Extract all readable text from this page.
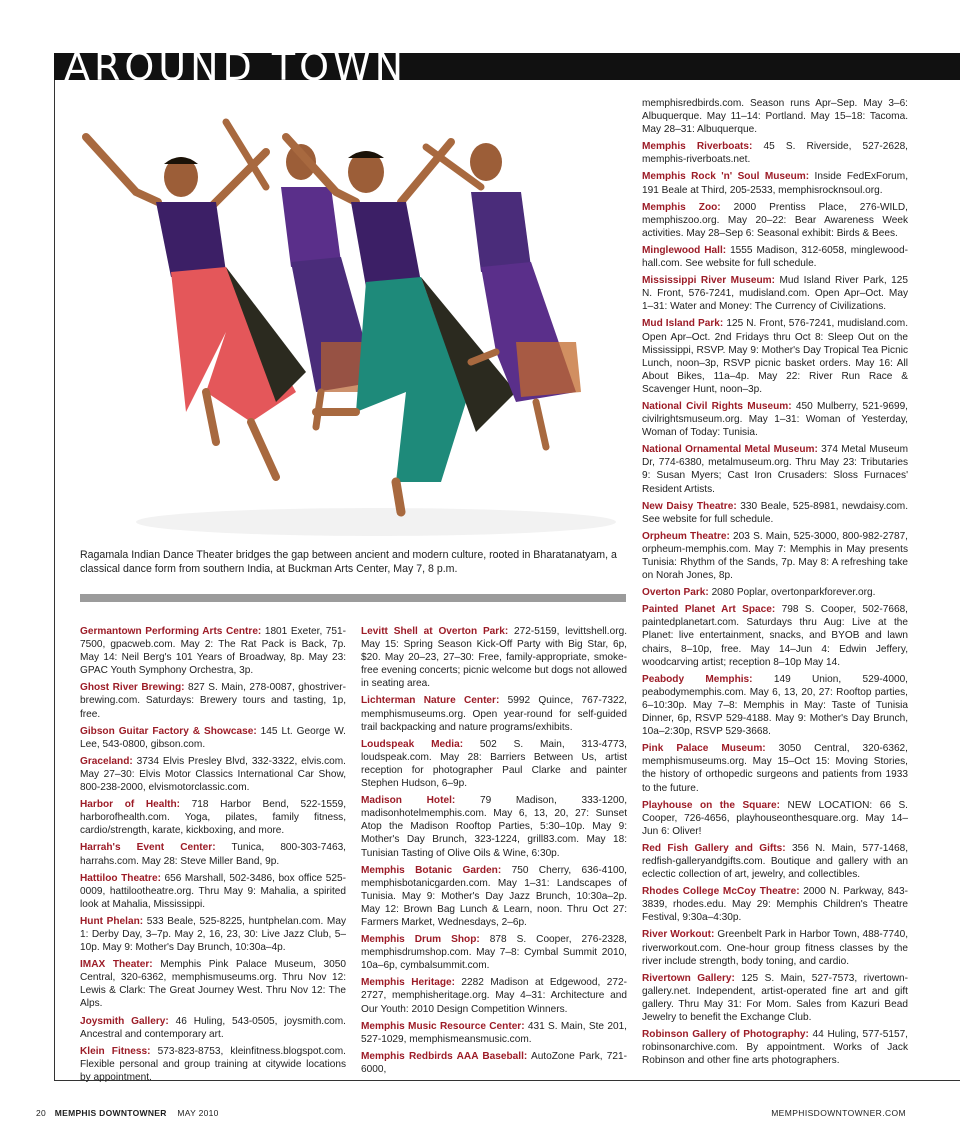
AROUND TOWN
Ragamala Indian Dance Theater bridges the gap between ancient and modern culture, rooted in Bharatanatyam, a classical dance form from southern India, at Buckman Arts Center, May 7, 8 p.m.

Germantown Performing Arts Centre: 1801 Exeter, 751-7500, gpacweb.com. May 2: The Rat Pack is Back, 7p. May 14: Neil Berg's 101 Years of Broadway, 8p. May 23: GPAC Youth Symphony Orchestra, 3p.

Ghost River Brewing: 827 S. Main, 278-0087, ghostriver-brewing.com. Saturdays: Brewery tours and tasting, 1p, free.

Gibson Guitar Factory & Showcase: 145 Lt. George W. Lee, 543-0800, gibson.com.

Graceland: 3734 Elvis Presley Blvd, 332-3322, elvis.com. May 27–30: Elvis Motor Classics International Car Show, 800-238-2000, elvismotorclassic.com.

Harbor of Health: 718 Harbor Bend, 522-1559, harborofhealth.com. Yoga, pilates, family fitness, cardio/strength, karate, kickboxing, and more.

Harrah's Event Center: Tunica, 800-303-7463, harrahs.com. May 28: Steve Miller Band, 9p.

Hattiloo Theatre: 656 Marshall, 502-3486, box office 525-0009, hattilootheatre.org. Thru May 9: Mahalia, a spirited look at Mahalia, Mississippi.

Hunt Phelan: 533 Beale, 525-8225, huntphelan.com. May 1: Derby Day, 3–7p. May 2, 16, 23, 30: Live Jazz Club, 5–10p. May 9: Mother's Day Brunch, 10:30a–4p.

IMAX Theater: Memphis Pink Palace Museum, 3050 Central, 320-6362, memphismuseums.org. Thru Nov 12: Lewis & Clark: The Great Journey West. Thru Nov 12: The Alps.

Joysmith Gallery: 46 Huling, 543-0505, joysmith.com. Ancestral and contemporary art.

Klein Fitness: 573-823-8753, kleinfitness.blogspot.com. Flexible personal and group training at citywide locations by appointment.

Levitt Shell at Overton Park: 272-5159, levittshell.org. May 15: Spring Season Kick-Off Party with Big Star, 6p, $20. May 20–23, 27–30: Free, family-appropriate, smoke-free evening concerts; picnic welcome but dogs not allowed in seating area.

Lichterman Nature Center: 5992 Quince, 767-7322, memphismuseums.org. Open year-round for self-guided trail backpacking and nature programs/exhibits.

Loudspeak Media: 502 S. Main, 313-4773, loudspeak.com. May 28: Barriers Between Us, artist reception for photographer Paul Clarke and painter Stephen Hudson, 6–9p.

Madison Hotel: 79 Madison, 333-1200, madisonhotelmemphis.com. May 6, 13, 20, 27: Sunset Atop the Madison Rooftop Parties, 5:30–10p. May 9: Mother's Day Brunch, 323-1224, grill83.com. May 18: Tunisian Tasting of Olive Oils & Wine, 6:30p.

Memphis Botanic Garden: 750 Cherry, 636-4100, memphisbotanicgarden.com. May 1–31: Landscapes of Tunisia. May 9: Mother's Day Jazz Brunch, 10:30a–2p. May 12: Brown Bag Lunch & Learn, noon. Thru Oct 27: Farmers Market, Wednesdays, 2–6p.

Memphis Drum Shop: 878 S. Cooper, 276-2328, memphisdrumshop.com. May 7–8: Cymbal Summit 2010, 10a–6p, cymbalsummit.com.

Memphis Heritage: 2282 Madison at Edgewood, 272-2727, memphisheritage.org. May 4–31: Architecture and Our Youth: 2010 Design Competition Winners.

Memphis Music Resource Center: 431 S. Main, Ste 201, 527-1029, memphismeansmusic.com.

Memphis Redbirds AAA Baseball: AutoZone Park, 721-6000,

memphisredbirds.com. Season runs Apr–Sep. May 3–6: Albuquerque. May 11–14: Portland. May 15–18: Tacoma. May 28–31: Albuquerque.

Memphis Riverboats: 45 S. Riverside, 527-2628, memphis-riverboats.net.

Memphis Rock 'n' Soul Museum: Inside FedExForum, 191 Beale at Third, 205-2533, memphisrocknsoul.org.

Memphis Zoo: 2000 Prentiss Place, 276-WILD, memphiszoo.org. May 20–22: Bear Awareness Week activities. May 28–Sep 6: Seasonal exhibit: Birds & Bees.

Minglewood Hall: 1555 Madison, 312-6058, minglewood-hall.com. See website for full schedule.

Mississippi River Museum: Mud Island River Park, 125 N. Front, 576-7241, mudisland.com. Open Apr–Oct. May 1–31: Water and Money: The Currency of Civilizations.

Mud Island Park: 125 N. Front, 576-7241, mudisland.com. Open Apr–Oct. 2nd Fridays thru Oct 8: Sleep Out on the Mississippi, RSVP. May 9: Mother's Day Tropical Tea Picnic Lunch, noon–3p, RSVP picnic basket orders. May 16: All About Bikes, 11a–4p. May 22: River Run Race & Scavenger Hunt, noon–3p.

National Civil Rights Museum: 450 Mulberry, 521-9699, civilrightsmuseum.org. May 1–31: Woman of Yesterday, Woman of Today: Tunisia.

National Ornamental Metal Museum: 374 Metal Museum Dr, 774-6380, metalmuseum.org. Thru May 23: Tributaries 9: Susan Myers; Cast Iron Crusaders: Sloss Furnaces' Resident Artists.

New Daisy Theatre: 330 Beale, 525-8981, newdaisy.com. See website for full schedule.

Orpheum Theatre: 203 S. Main, 525-3000, 800-982-2787, orpheum-memphis.com. May 7: Memphis in May presents Tunisia: Rhythm of the Sands, 7p. May 8: A refreshing take on Norah Jones, 8p.

Overton Park: 2080 Poplar, overtonparkforever.org.

Painted Planet Art Space: 798 S. Cooper, 502-7668, paintedplanetart.com. Saturdays thru Aug: Live at the Planet: live entertainment, snacks, and BYOB and lawn chairs, 8–10p, free. May 14–Jun 4: Edwin Jeffery, woodcarving artist; reception 8–10p May 14.

Peabody Memphis: 149 Union, 529-4000, peabodymemphis.com. May 6, 13, 20, 27: Rooftop parties, 6–10:30p. May 7–8: Memphis in May: Taste of Tunisia Dinner, 6p, RSVP 529-4188. May 9: Mother's Day Brunch, 10a–2:30p, RSVP 529-3668.

Pink Palace Museum: 3050 Central, 320-6362, memphismuseums.org. May 15–Oct 15: Moving Stories, the history of orthopedic surgeons and patients from 1933 to the future.

Playhouse on the Square: NEW LOCATION: 66 S. Cooper, 726-4656, playhouseonthesquare.org. May 14–Jun 6: Oliver!

Red Fish Gallery and Gifts: 356 N. Main, 577-1468, redfish-galleryandgifts.com. Boutique and gallery with an eclectic collection of art, jewelry, and collectibles.

Rhodes College McCoy Theatre: 2000 N. Parkway, 843-3839, rhodes.edu. May 29: Memphis Children's Theatre Festival, 9:30a–4:30p.

River Workout: Greenbelt Park in Harbor Town, 488-7740, riverworkout.com. One-hour group fitness classes by the river include strength, body toning, and cardio.

Rivertown Gallery: 125 S. Main, 527-7573, rivertown-gallery.net. Independent, artist-operated fine art and gift gallery. Thru May 31: For Mom. Sales from Kazuri Bead Jewelry to benefit the Exchange Club.

Robinson Gallery of Photography: 44 Huling, 577-5157, robinsonarchive.com. By appointment. Works of Jack Robinson and other fine arts photographers.

20 MEMPHIS DOWNTOWNER MAY 2010	MEMPHISDOWNTOWNER.COM
